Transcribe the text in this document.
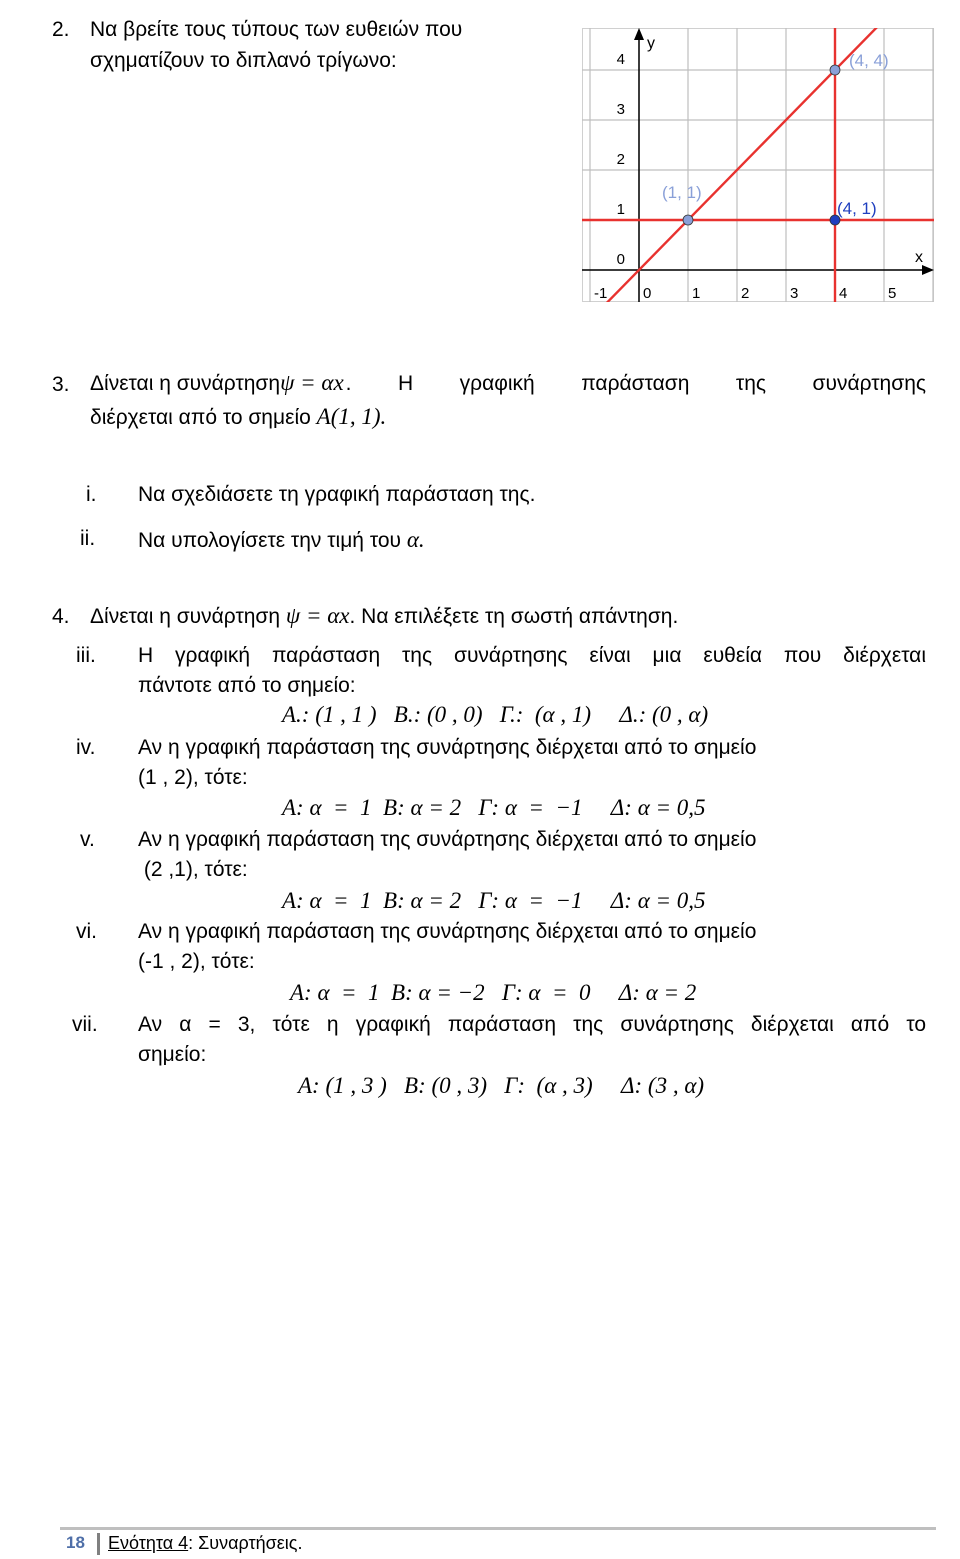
2. Να βρείτε τους τύπους των ευθειών που
σχηματίζουν το διπλανό τρίγωνο:
x
y
-1 0	1	2	3	4	5
0
1
2
3
4
(1, 1)
(4, 1)
(4, 4)
3. Δίνεται η συνάρτηση ψ = αx . Η γραφική παράσταση της συνάρτησης
διέρχεται από το σημείο A(1, 1).
i. Να σχεδιάσετε τη γραφική παράσταση της.
ii. Να υπολογίσετε την τιμή του α.
4. Δίνεται η συνάρτηση ψ = αx. Να επιλέξετε τη σωστή απάντηση.
iii. Η γραφική παράσταση της συνάρτησης είναι μια ευθεία που διέρχεται
πάντοτε από το σημείο:
A.: (1 , 1 )   B.: (0 , 0)   Γ.:  (α , 1)     Δ.: (0 , α)
iv. Αν η γραφική παράσταση της συνάρτησης διέρχεται από το σημείο
(1 , 2), τότε:
A: α  =  1  B: α = 2   Γ: α  =  −1     Δ: α = 0,5
v. Αν η γραφική παράσταση της συνάρτησης διέρχεται από το σημείο
(2 ,1), τότε:
A: α  =  1  B: α = 2   Γ: α  =  −1     Δ: α = 0,5
vi. Αν η γραφική παράσταση της συνάρτησης διέρχεται από το σημείο
(-1 , 2), τότε:
A: α  =  1  B: α = −2   Γ: α  =  0     Δ: α = 2
vii. Αν α = 3, τότε η γραφική παράσταση της συνάρτησης διέρχεται από το
σημείο:
A: (1 , 3 )   B: (0 , 3)   Γ:  (α , 3)     Δ: (3 , α)
18 Ενότητα 4: Συναρτήσεις.
